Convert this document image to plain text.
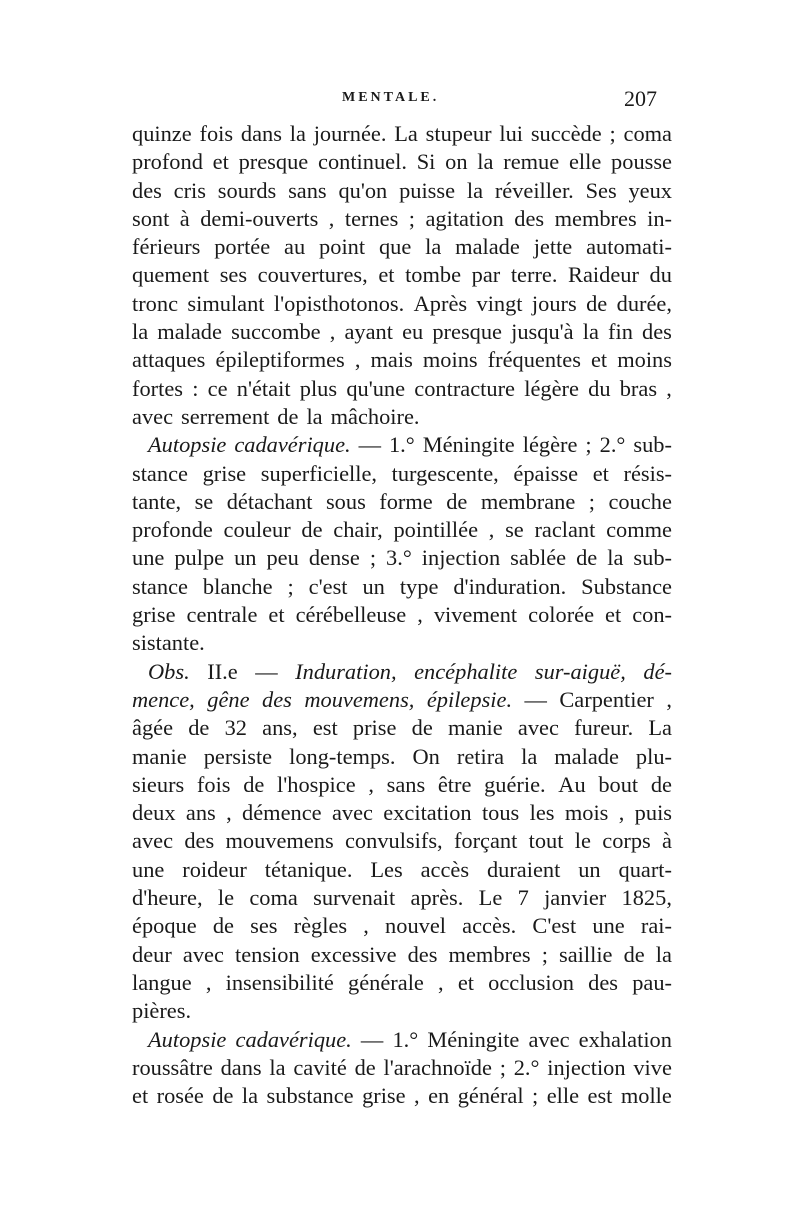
MENTALE.	207
quinze fois dans la journée. La stupeur lui succède ; coma
profond et presque continuel. Si on la remue elle pousse
des cris sourds sans qu'on puisse la réveiller. Ses yeux
sont à demi-ouverts , ternes ; agitation des membres in-
férieurs portée au point que la malade jette automati-
quement ses couvertures, et tombe par terre. Raideur du
tronc simulant l'opisthotonos. Après vingt jours de durée,
la malade succombe , ayant eu presque jusqu'à la fin des
attaques épileptiformes , mais moins fréquentes et moins
fortes : ce n'était plus qu'une contracture légère du bras ,
avec serrement de la mâchoire.
Autopsie cadavérique. — 1.° Méningite légère ; 2.° sub-
stance grise superficielle, turgescente, épaisse et résis-
tante, se détachant sous forme de membrane ; couche
profonde couleur de chair, pointillée , se raclant comme
une pulpe un peu dense ; 3.° injection sablée de la sub-
stance blanche ; c'est un type d'induration. Substance
grise centrale et cérébelleuse , vivement colorée et con-
sistante.
Obs. II.e — Induration, encéphalite sur-aiguë, dé-
mence, gêne des mouvemens, épilepsie. — Carpentier ,
âgée de 32 ans, est prise de manie avec fureur. La
manie persiste long-temps. On retira la malade plu-
sieurs fois de l'hospice , sans être guérie. Au bout de
deux ans , démence avec excitation tous les mois , puis
avec des mouvemens convulsifs, forçant tout le corps à
une roideur tétanique. Les accès duraient un quart-
d'heure, le coma survenait après. Le 7 janvier 1825,
époque de ses règles , nouvel accès. C'est une rai-
deur avec tension excessive des membres ; saillie de la
langue , insensibilité générale , et occlusion des pau-
pières.
Autopsie cadavérique. — 1.° Méningite avec exhalation
roussâtre dans la cavité de l'arachnoïde ; 2.° injection vive
et rosée de la substance grise , en général ; elle est molle
